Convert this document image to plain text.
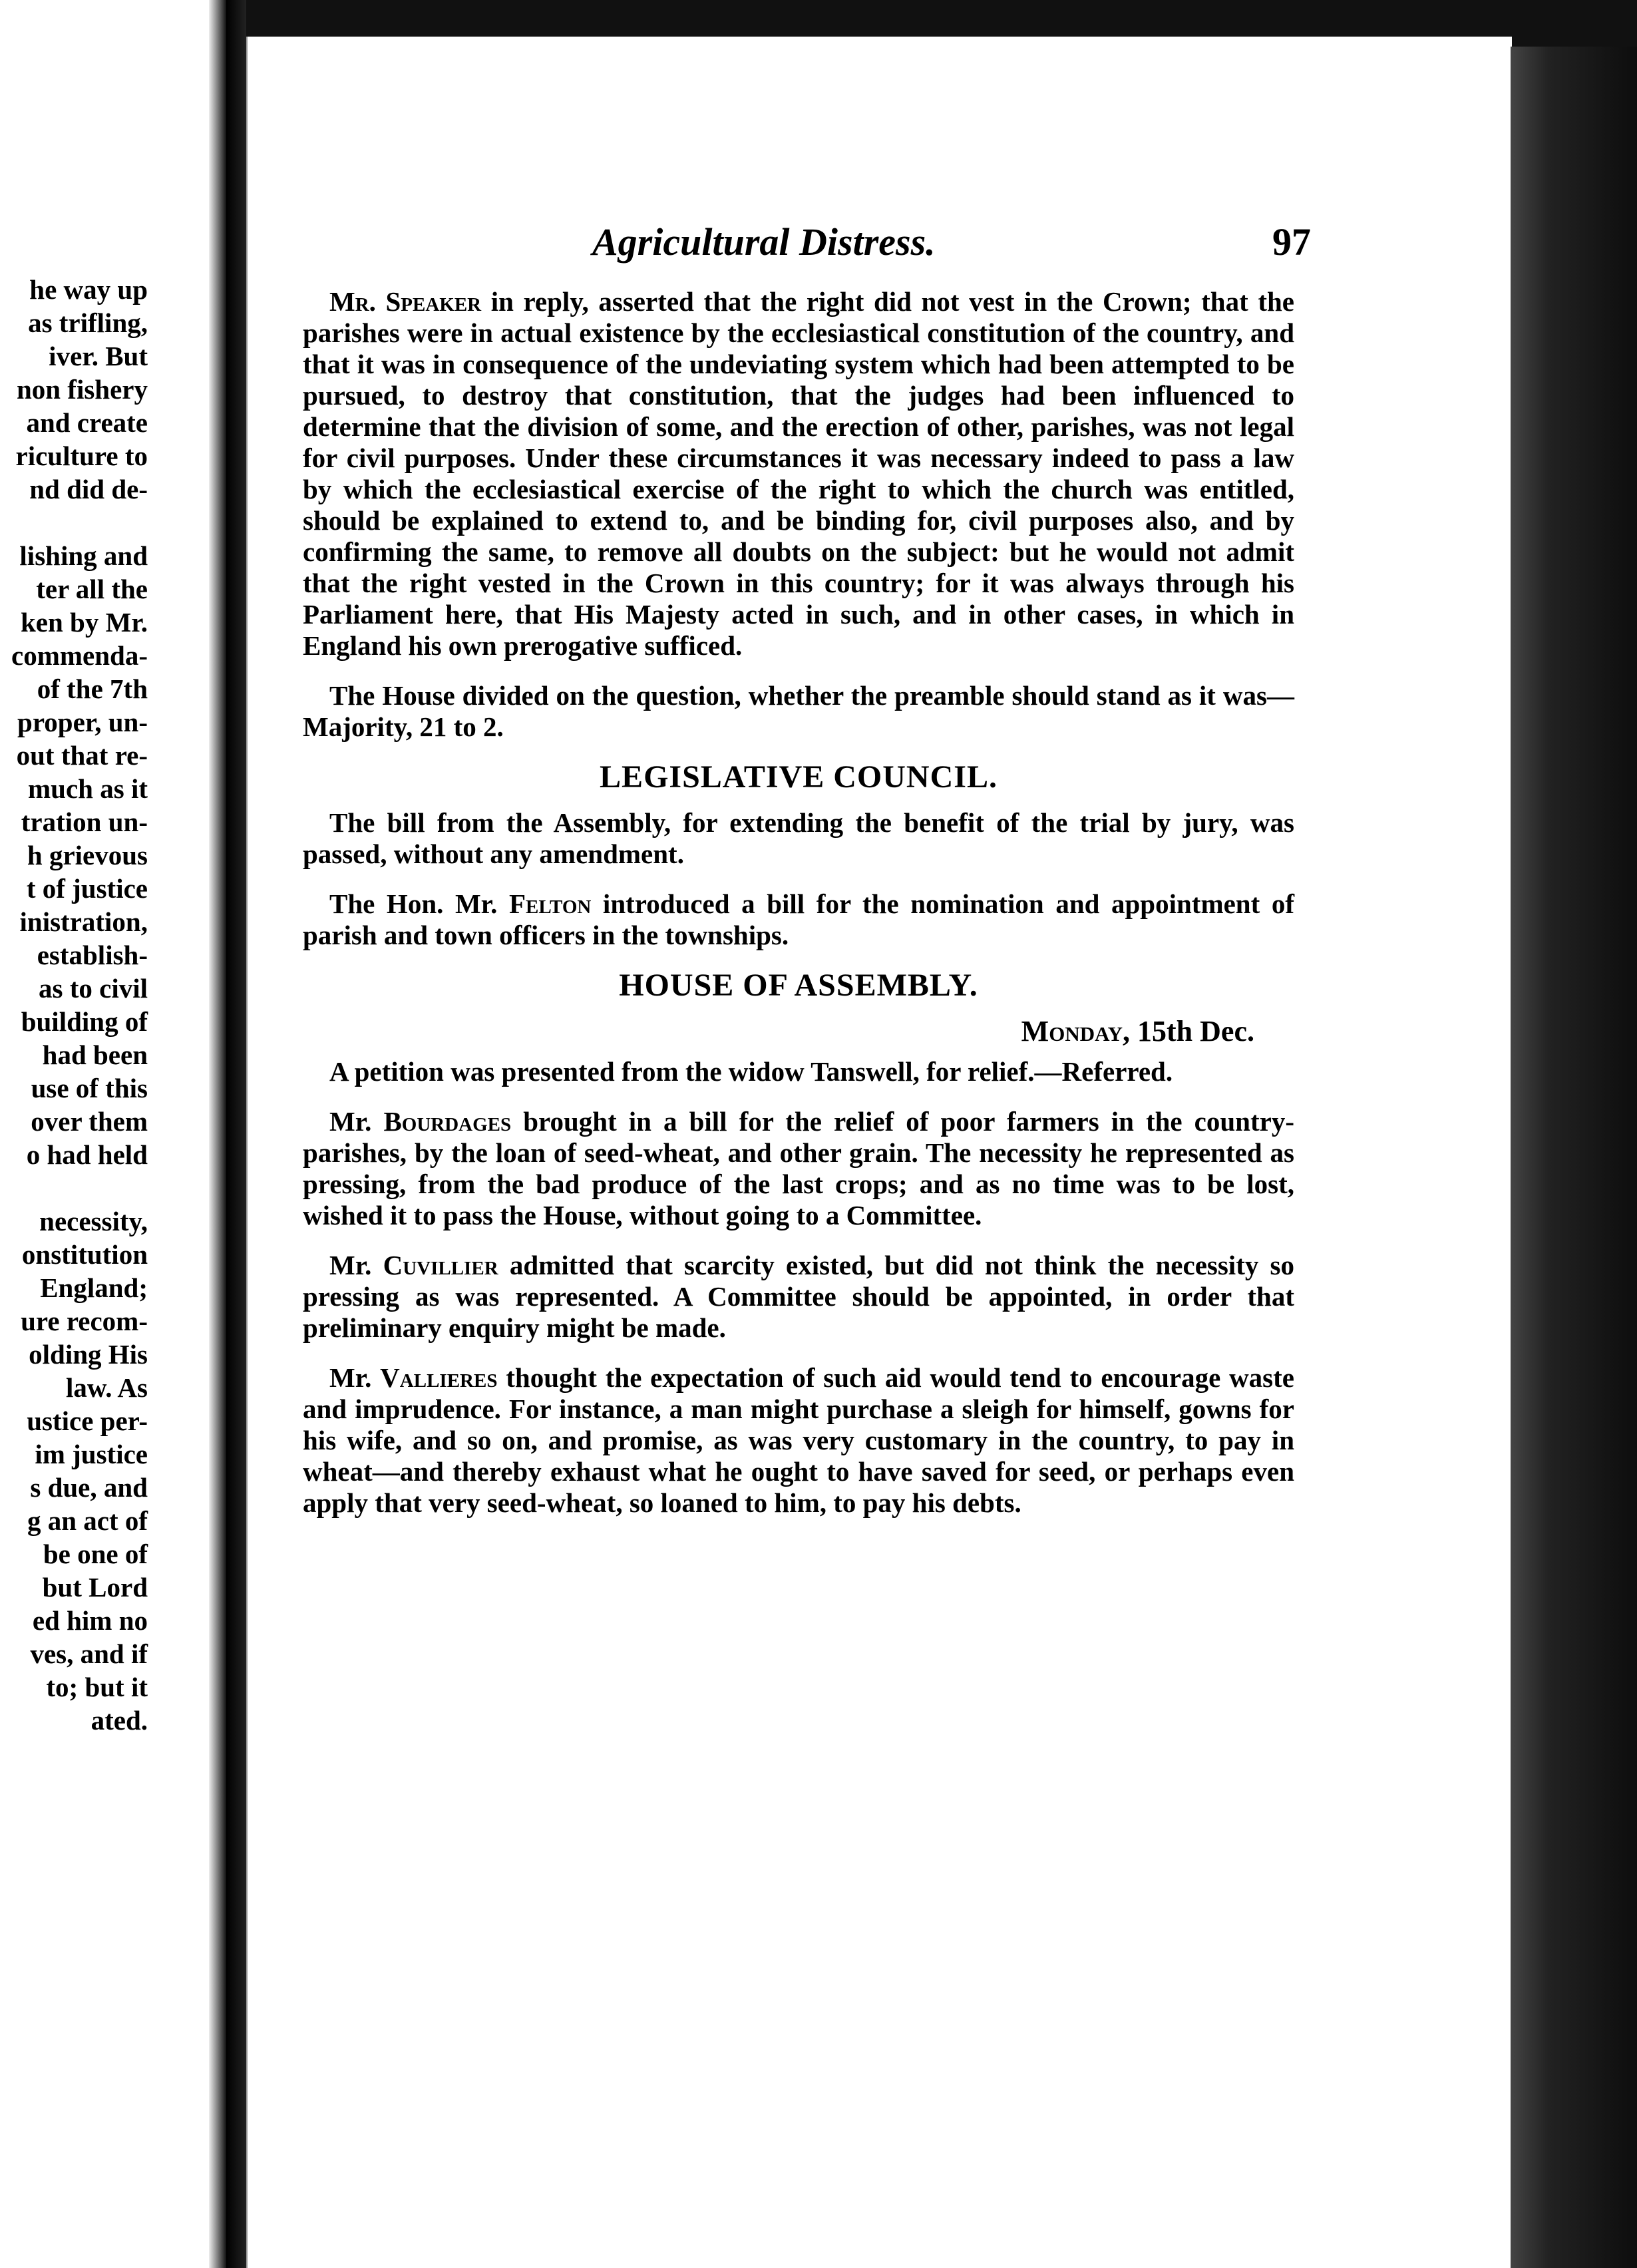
he way up
as trifling,
iver. But
non fishery
and create
riculture to
nd did de-
lishing and
ter all the
ken by Mr.
commenda-
of the 7th
proper, un-
out that re-
much as it
tration un-
h grievous
t of justice
inistration,
establish-
as to civil
building of
had been
use of this
over them
o had held
necessity,
onstitution
England;
ure recom-
olding His
law. As
ustice per-
im justice
s due, and
g an act of
be one of
but Lord
ed him no
ves, and if
to; but it
ated.
Agricultural Distress.	97

Mr. Speaker in reply, asserted that the right did not vest in the Crown; that the parishes were in actual existence by the ecclesiastical constitution of the country, and that it was in consequence of the undeviating system which had been attempted to be pursued, to destroy that constitution, that the judges had been influenced to determine that the division of some, and the erection of other, parishes, was not legal for civil purposes. Under these circumstances it was necessary indeed to pass a law by which the ecclesiastical exercise of the right to which the church was entitled, should be explained to extend to, and be binding for, civil purposes also, and by confirming the same, to remove all doubts on the subject: but he would not admit that the right vested in the Crown in this country; for it was always through his Parliament here, that His Majesty acted in such, and in other cases, in which in England his own prerogative sufficed.

The House divided on the question, whether the preamble should stand as it was—Majority, 21 to 2.

LEGISLATIVE COUNCIL.

The bill from the Assembly, for extending the benefit of the trial by jury, was passed, without any amendment.

The Hon. Mr. Felton introduced a bill for the nomination and appointment of parish and town officers in the townships.

HOUSE OF ASSEMBLY.
Monday, 15th Dec.

A petition was presented from the widow Tanswell, for relief.—Referred.

Mr. Bourdages brought in a bill for the relief of poor farmers in the country-parishes, by the loan of seed-wheat, and other grain. The necessity he represented as pressing, from the bad produce of the last crops; and as no time was to be lost, wished it to pass the House, without going to a Committee.

Mr. Cuvillier admitted that scarcity existed, but did not think the necessity so pressing as was represented. A Committee should be appointed, in order that preliminary enquiry might be made.

Mr. Vallieres thought the expectation of such aid would tend to encourage waste and imprudence. For instance, a man might purchase a sleigh for himself, gowns for his wife, and so on, and promise, as was very customary in the country, to pay in wheat—and thereby exhaust what he ought to have saved for seed, or perhaps even apply that very seed-wheat, so loaned to him, to pay his debts.
